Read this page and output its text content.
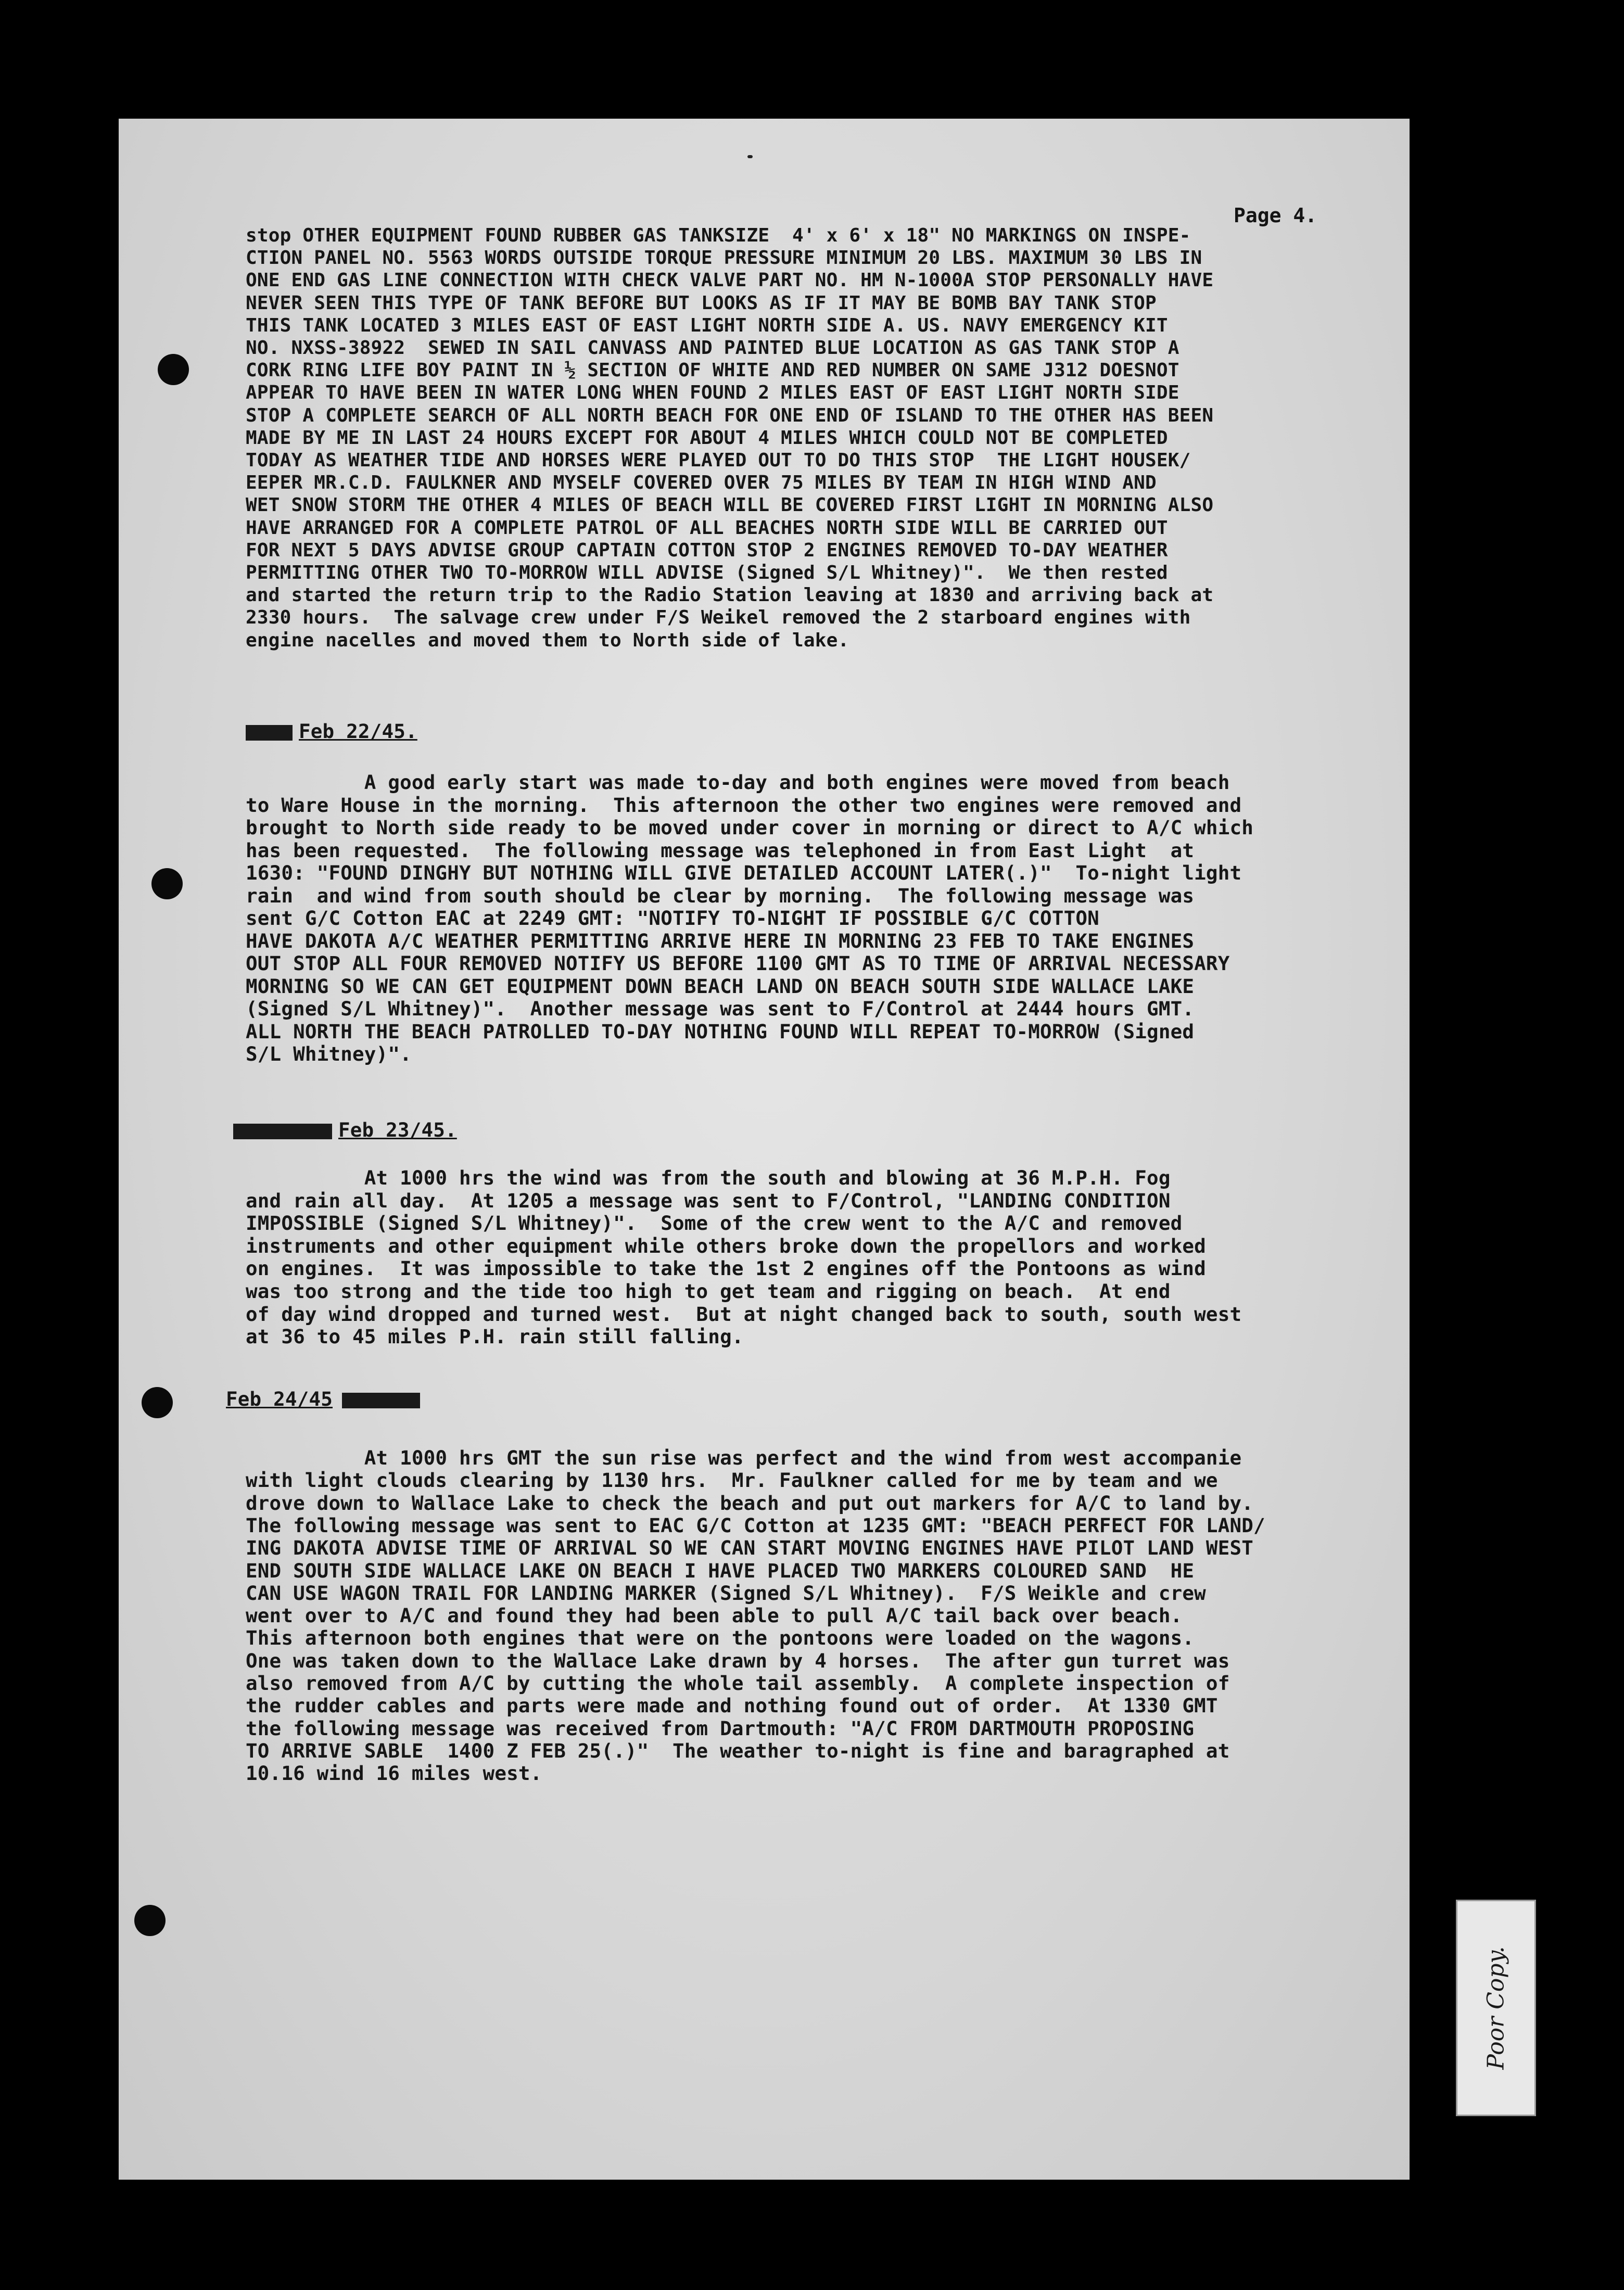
Page 4.
stop OTHER EQUIPMENT FOUND RUBBER GAS TANKSIZE  4' x 6' x 18" NO MARKINGS ON INSPE-
CTION PANEL NO. 5563 WORDS OUTSIDE TORQUE PRESSURE MINIMUM 20 LBS. MAXIMUM 30 LBS IN
ONE END GAS LINE CONNECTION WITH CHECK VALVE PART NO. HM N-1000A STOP PERSONALLY HAVE
NEVER SEEN THIS TYPE OF TANK BEFORE BUT LOOKS AS IF IT MAY BE BOMB BAY TANK STOP
THIS TANK LOCATED 3 MILES EAST OF EAST LIGHT NORTH SIDE A. US. NAVY EMERGENCY KIT
NO. NXSS-38922  SEWED IN SAIL CANVASS AND PAINTED BLUE LOCATION AS GAS TANK STOP A
CORK RING LIFE BOY PAINT IN ½ SECTION OF WHITE AND RED NUMBER ON SAME J312 DOESNOT
APPEAR TO HAVE BEEN IN WATER LONG WHEN FOUND 2 MILES EAST OF EAST LIGHT NORTH SIDE
STOP A COMPLETE SEARCH OF ALL NORTH BEACH FOR ONE END OF ISLAND TO THE OTHER HAS BEEN
MADE BY ME IN LAST 24 HOURS EXCEPT FOR ABOUT 4 MILES WHICH COULD NOT BE COMPLETED
TODAY AS WEATHER TIDE AND HORSES WERE PLAYED OUT TO DO THIS STOP  THE LIGHT HOUSEK/
EEPER MR.C.D. FAULKNER AND MYSELF COVERED OVER 75 MILES BY TEAM IN HIGH WIND AND
WET SNOW STORM THE OTHER 4 MILES OF BEACH WILL BE COVERED FIRST LIGHT IN MORNING ALSO
HAVE ARRANGED FOR A COMPLETE PATROL OF ALL BEACHES NORTH SIDE WILL BE CARRIED OUT
FOR NEXT 5 DAYS ADVISE GROUP CAPTAIN COTTON STOP 2 ENGINES REMOVED TO-DAY WEATHER
PERMITTING OTHER TWO TO-MORROW WILL ADVISE (Signed S/L Whitney)".  We then rested
and started the return trip to the Radio Station leaving at 1830 and arriving back at
2330 hours.  The salvage crew under F/S Weikel removed the 2 starboard engines with
engine nacelles and moved them to North side of lake.
Feb 22/45.
A good early start was made to-day and both engines were moved from beach
to Ware House in the morning.  This afternoon the other two engines were removed and
brought to North side ready to be moved under cover in morning or direct to A/C which
has been requested.  The following message was telephoned in from East Light  at
1630: "FOUND DINGHY BUT NOTHING WILL GIVE DETAILED ACCOUNT LATER(.)"  To-night light
rain  and wind from south should be clear by morning.  The following message was
sent G/C Cotton EAC at 2249 GMT: "NOTIFY TO-NIGHT IF POSSIBLE G/C COTTON
HAVE DAKOTA A/C WEATHER PERMITTING ARRIVE HERE IN MORNING 23 FEB TO TAKE ENGINES
OUT STOP ALL FOUR REMOVED NOTIFY US BEFORE 1100 GMT AS TO TIME OF ARRIVAL NECESSARY
MORNING SO WE CAN GET EQUIPMENT DOWN BEACH LAND ON BEACH SOUTH SIDE WALLACE LAKE
(Signed S/L Whitney)".  Another message was sent to F/Control at 2444 hours GMT.
ALL NORTH THE BEACH PATROLLED TO-DAY NOTHING FOUND WILL REPEAT TO-MORROW (Signed
S/L Whitney)".
Feb 23/45.
At 1000 hrs the wind was from the south and blowing at 36 M.P.H. Fog
and rain all day.  At 1205 a message was sent to F/Control, "LANDING CONDITION
IMPOSSIBLE (Signed S/L Whitney)".  Some of the crew went to the A/C and removed
instruments and other equipment while others broke down the propellors and worked
on engines.  It was impossible to take the 1st 2 engines off the Pontoons as wind
was too strong and the tide too high to get team and rigging on beach.  At end
of day wind dropped and turned west.  But at night changed back to south, south west
at 36 to 45 miles P.H. rain still falling.
Feb 24/45
At 1000 hrs GMT the sun rise was perfect and the wind from west accompanie
with light clouds clearing by 1130 hrs.  Mr. Faulkner called for me by team and we
drove down to Wallace Lake to check the beach and put out markers for A/C to land by.
The following message was sent to EAC G/C Cotton at 1235 GMT: "BEACH PERFECT FOR LAND/
ING DAKOTA ADVISE TIME OF ARRIVAL SO WE CAN START MOVING ENGINES HAVE PILOT LAND WEST
END SOUTH SIDE WALLACE LAKE ON BEACH I HAVE PLACED TWO MARKERS COLOURED SAND  HE
CAN USE WAGON TRAIL FOR LANDING MARKER (Signed S/L Whitney).  F/S Weikle and crew
went over to A/C and found they had been able to pull A/C tail back over beach.
This afternoon both engines that were on the pontoons were loaded on the wagons.
One was taken down to the Wallace Lake drawn by 4 horses.  The after gun turret was
also removed from A/C by cutting the whole tail assembly.  A complete inspection of
the rudder cables and parts were made and nothing found out of order.  At 1330 GMT
the following message was received from Dartmouth: "A/C FROM DARTMOUTH PROPOSING
TO ARRIVE SABLE  1400 Z FEB 25(.)"  The weather to-night is fine and baragraphed at
10.16 wind 16 miles west.
Poor Copy.
